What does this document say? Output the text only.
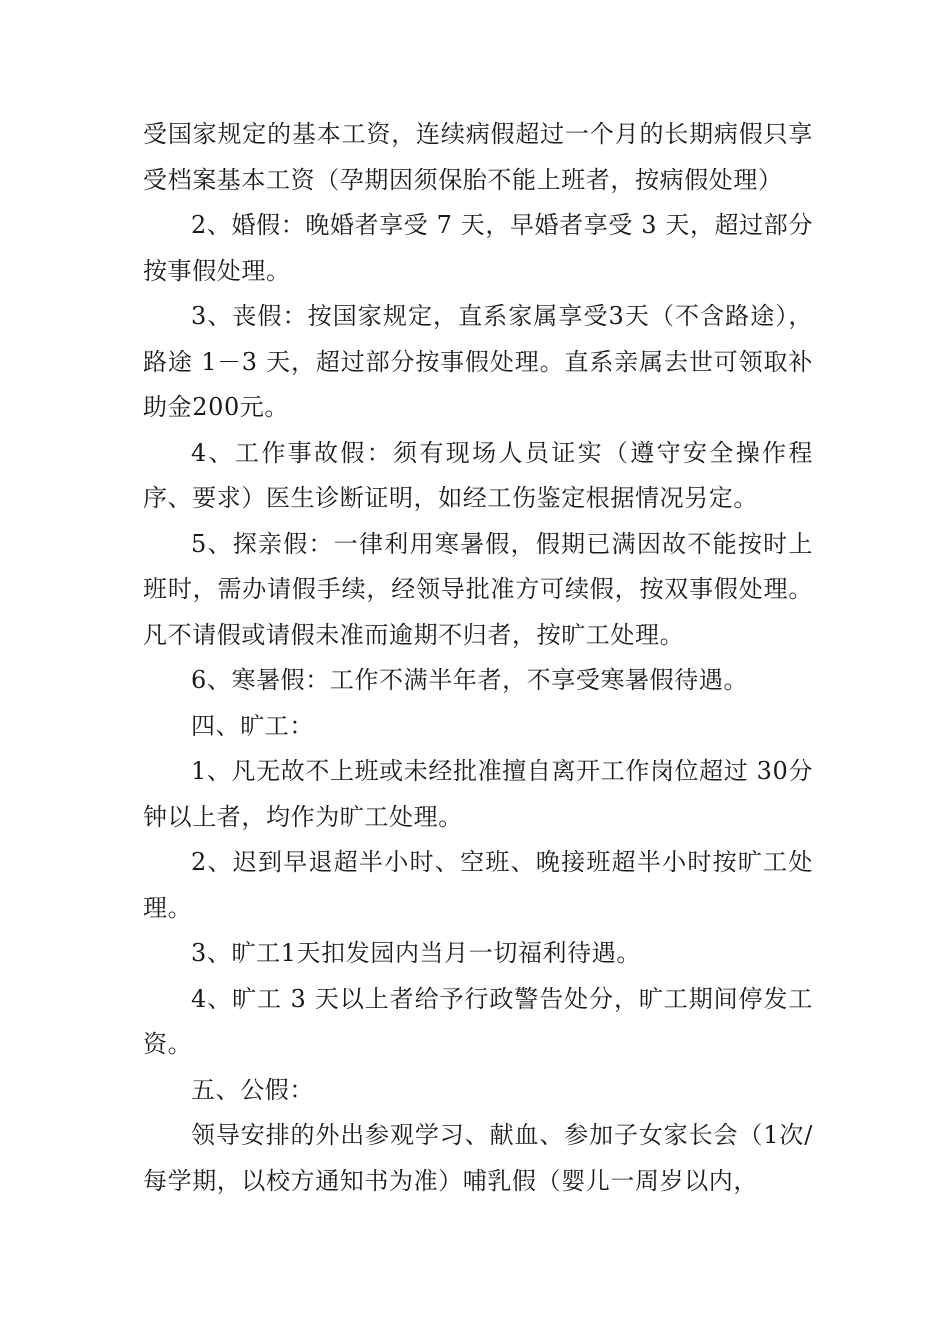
受国家规定的基本工资，连续病假超过一个月的长期病假只享受档案基本工资（孕期因须保胎不能上班者，按病假处理）

2、婚假：晚婚者享受 7 天，早婚者享受 3 天，超过部分按事假处理。

3、丧假：按国家规定，直系家属享受3天（不含路途），路途 1－3 天，超过部分按事假处理。直系亲属去世可领取补助金200元。

4、工作事故假：须有现场人员证实（遵守安全操作程序、要求）医生诊断证明，如经工伤鉴定根据情况另定。

5、探亲假：一律利用寒暑假，假期已满因故不能按时上班时，需办请假手续，经领导批准方可续假，按双事假处理。凡不请假或请假未准而逾期不归者，按旷工处理。

6、寒暑假：工作不满半年者，不享受寒暑假待遇。

四、旷工：

1、凡无故不上班或未经批准擅自离开工作岗位超过 30分钟以上者，均作为旷工处理。

2、迟到早退超半小时、空班、晚接班超半小时按旷工处理。

3、旷工1天扣发园内当月一切福利待遇。

4、旷工 3 天以上者给予行政警告处分，旷工期间停发工资。

五、公假：

领导安排的外出参观学习、献血、参加子女家长会（1次/每学期，以校方通知书为准）哺乳假（婴儿一周岁以内，
